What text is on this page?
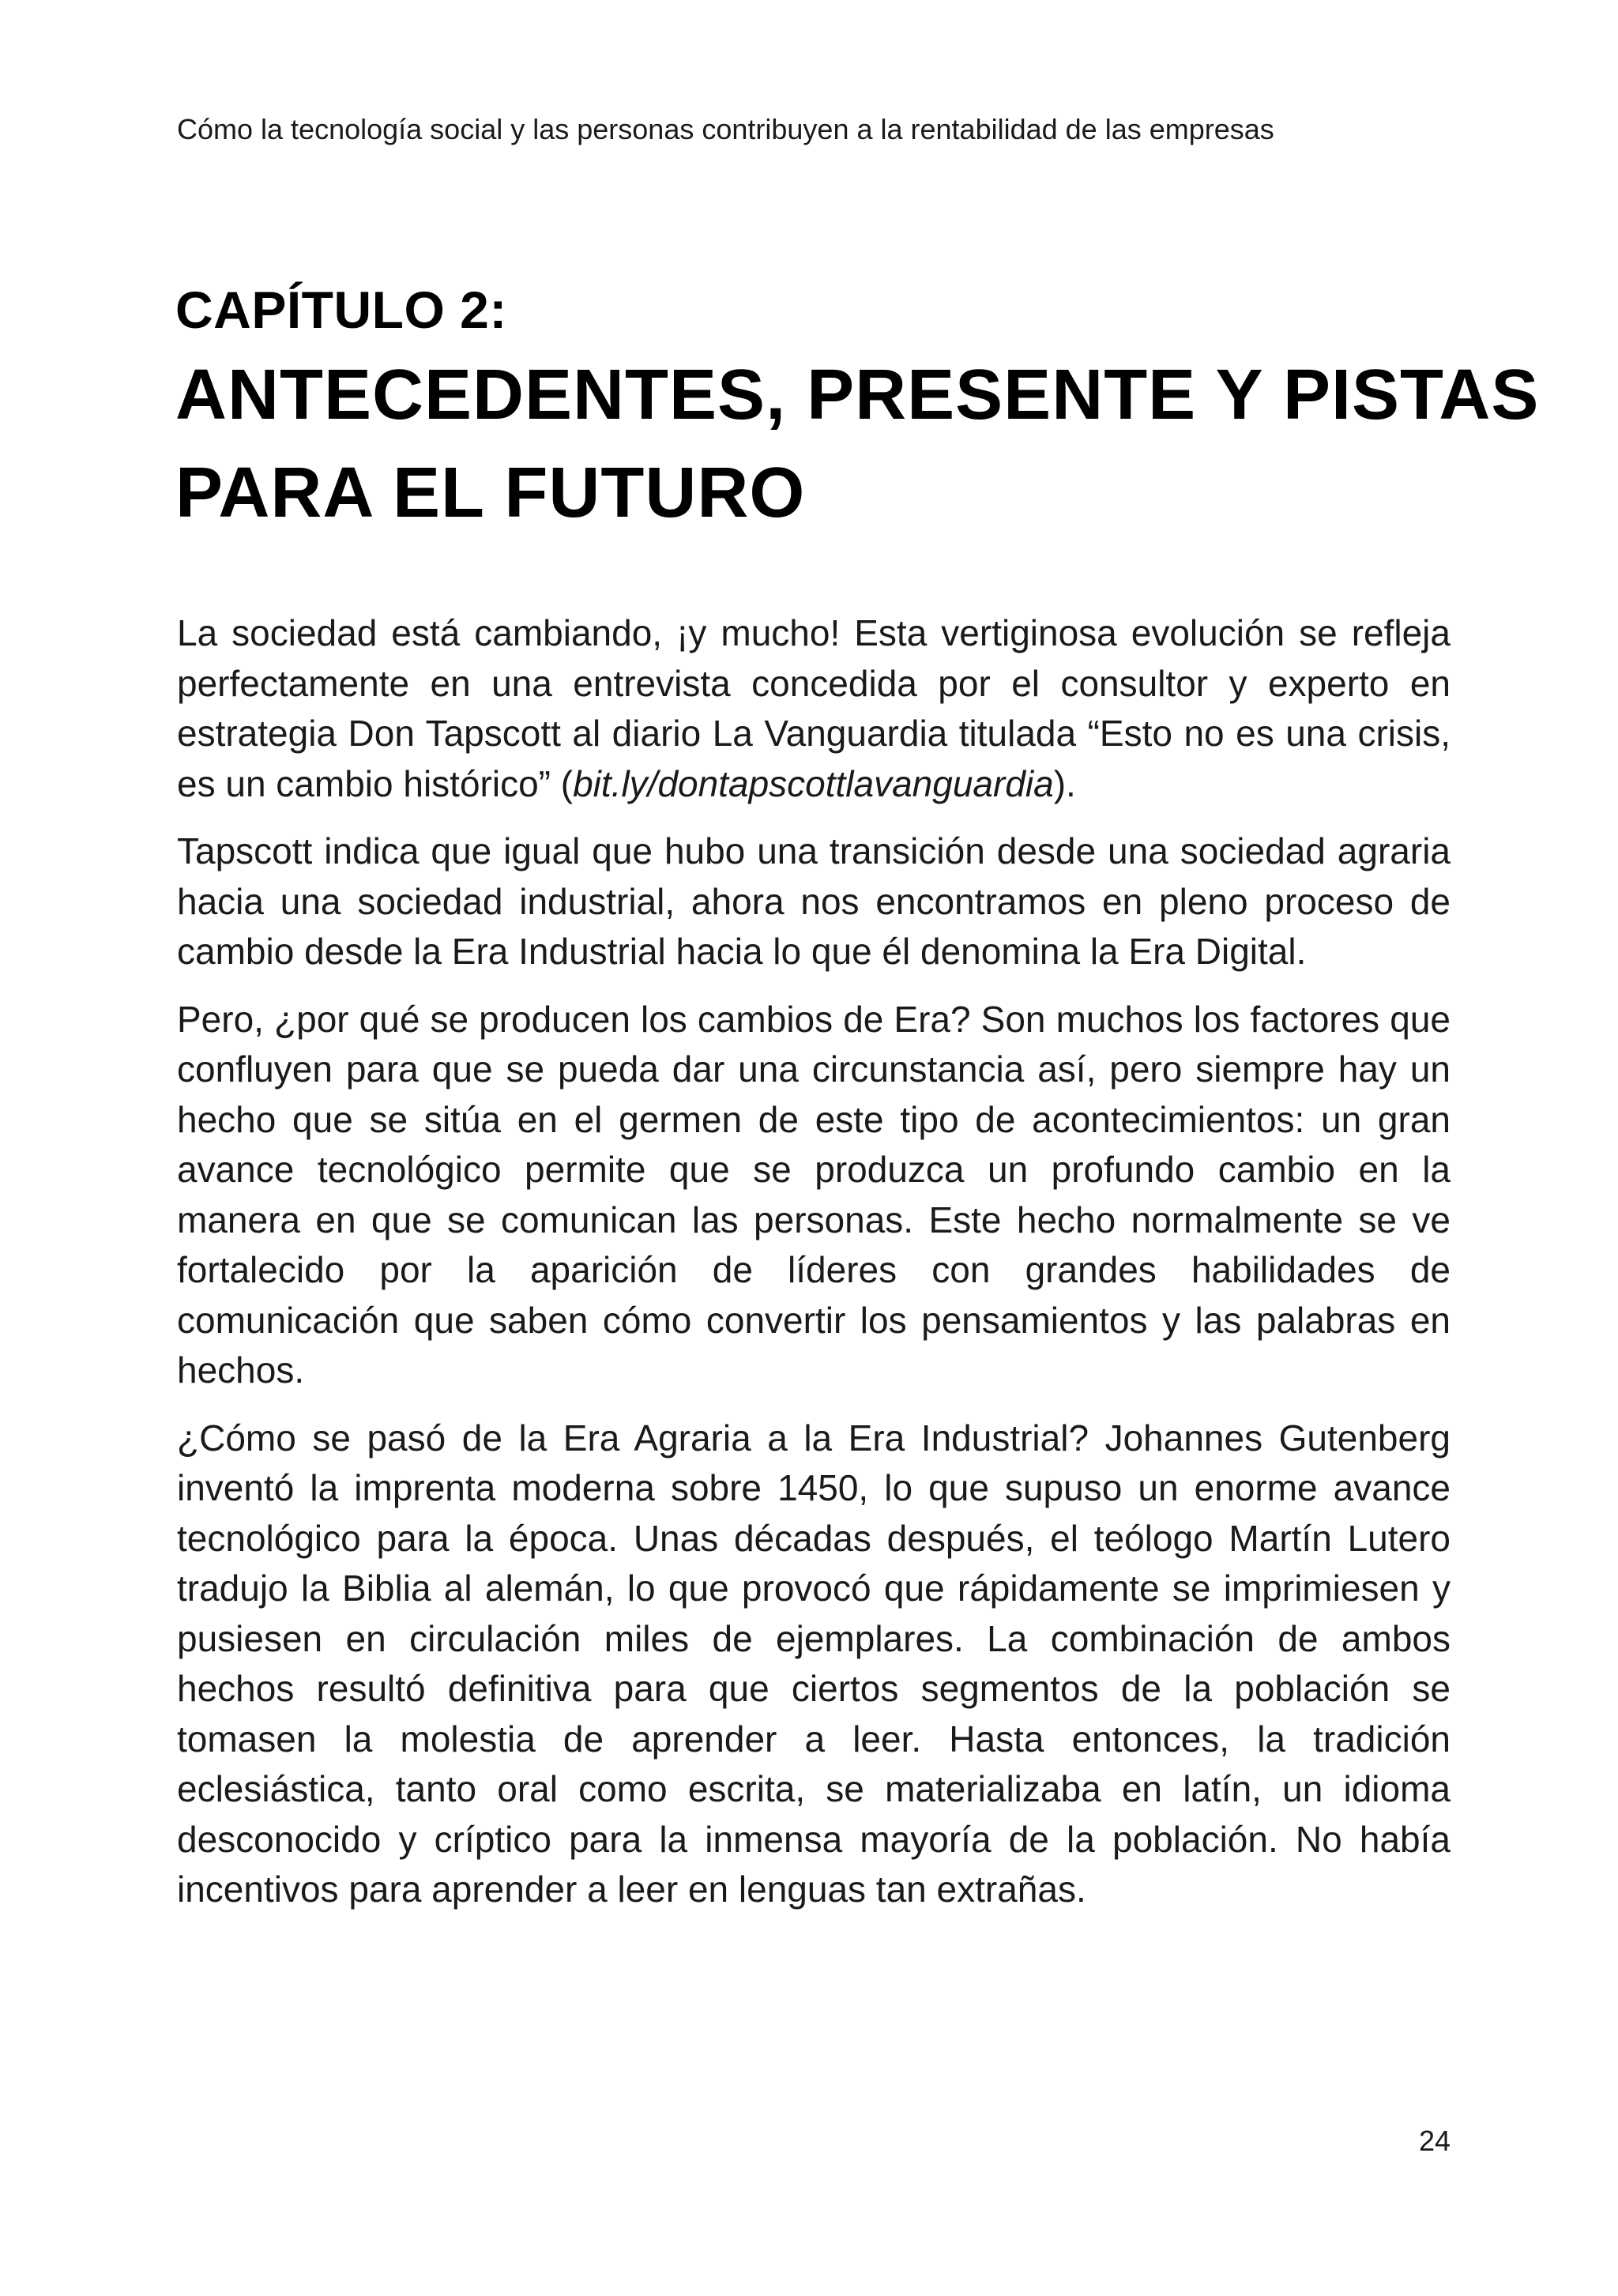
Cómo la tecnología social y las personas contribuyen a la rentabilidad de las empresas
CAPÍTULO 2:
ANTECEDENTES, PRESENTE Y PISTAS
PARA EL FUTURO

La sociedad está cambiando, ¡y mucho! Esta vertiginosa evolución se refleja perfectamente en una entrevista concedida por el consultor y experto en estrategia Don Tapscott al diario La Vanguardia titulada “Esto no es una crisis, es un cambio histórico” (bit.ly/dontapscottlavanguardia).

Tapscott indica que igual que hubo una transición desde una sociedad agraria hacia una sociedad industrial, ahora nos encontramos en pleno proceso de cambio desde la Era Industrial hacia lo que él denomina la Era Digital.

Pero, ¿por qué se producen los cambios de Era? Son muchos los factores que confluyen para que se pueda dar una circunstancia así, pero siempre hay un hecho que se sitúa en el germen de este tipo de acontecimientos: un gran avance tecnológico permite que se produzca un profundo cambio en la manera en que se comunican las personas. Este hecho normalmente se ve fortalecido por la aparición de líderes con grandes habilidades de comunicación que saben cómo convertir los pensamientos y las palabras en hechos.

¿Cómo se pasó de la Era Agraria a la Era Industrial? Johannes Gutenberg inventó la imprenta moderna sobre 1450, lo que supuso un enorme avance tecnológico para la época. Unas décadas después, el teólogo Martín Lutero tradujo la Biblia al alemán, lo que provocó que rápidamente se imprimiesen y pusiesen en circulación miles de ejemplares. La combinación de ambos hechos resultó definitiva para que ciertos segmentos de la población se tomasen la molestia de aprender a leer. Hasta entonces, la tradición eclesiástica, tanto oral como escrita, se materializaba en latín, un idioma desconocido y críptico para la inmensa mayoría de la población. No había incentivos para aprender a leer en lenguas tan extrañas.

24
